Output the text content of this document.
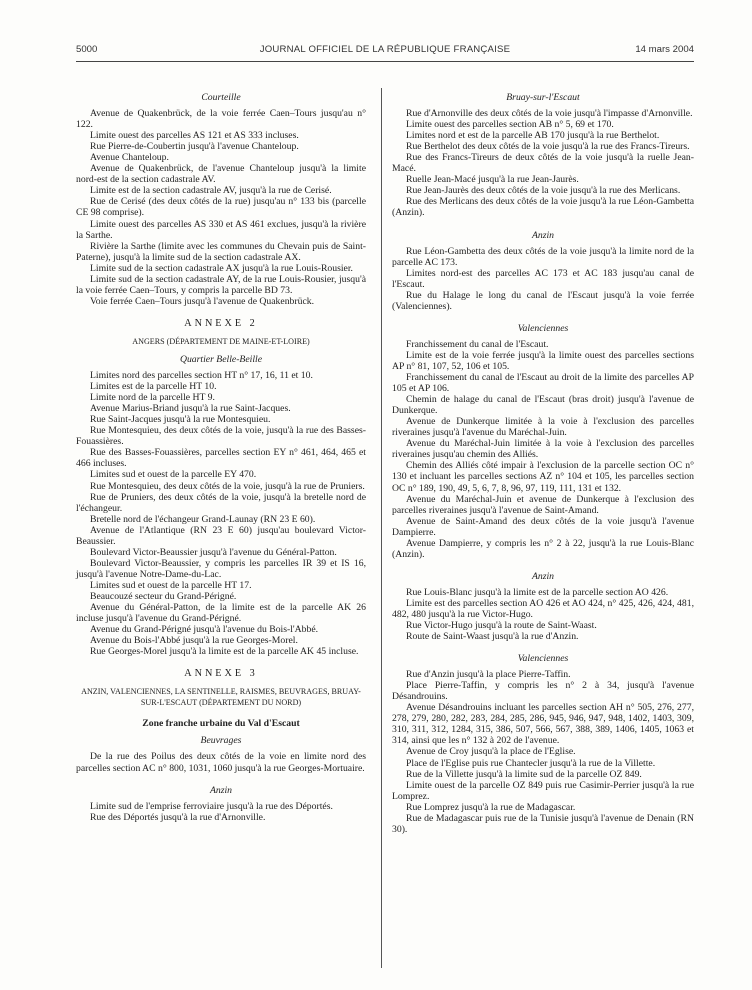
5000	JOURNAL OFFICIEL DE LA RÉPUBLIQUE FRANÇAISE	14 mars 2004

Courteille

Avenue de Quakenbrück, de la voie ferrée Caen–Tours jusqu'au n° 122.

Limite ouest des parcelles AS 121 et AS 333 incluses.

Rue Pierre-de-Coubertin jusqu'à l'avenue Chanteloup.

Avenue Chanteloup.

Avenue de Quakenbrück, de l'avenue Chanteloup jusqu'à la limite nord-est de la section cadastrale AV.

Limite est de la section cadastrale AV, jusqu'à la rue de Cerisé.

Rue de Cerisé (des deux côtés de la rue) jusqu'au n° 133 bis (parcelle CE 98 comprise).

Limite ouest des parcelles AS 330 et AS 461 exclues, jusqu'à la rivière la Sarthe.

Rivière la Sarthe (limite avec les communes du Chevain puis de Saint-Paterne), jusqu'à la limite sud de la section cadastrale AX.

Limite sud de la section cadastrale AX jusqu'à la rue Louis-Rousier.

Limite sud de la section cadastrale AY, de la rue Louis-Rousier, jusqu'à la voie ferrée Caen–Tours, y compris la parcelle BD 73.

Voie ferrée Caen–Tours jusqu'à l'avenue de Quakenbrück.

ANNEXE 2

ANGERS (DÉPARTEMENT DE MAINE-ET-LOIRE)

Quartier Belle-Beille

Limites nord des parcelles section HT n° 17, 16, 11 et 10.

Limites est de la parcelle HT 10.

Limite nord de la parcelle HT 9.

Avenue Marius-Briand jusqu'à la rue Saint-Jacques.

Rue Saint-Jacques jusqu'à la rue Montesquieu.

Rue Montesquieu, des deux côtés de la voie, jusqu'à la rue des Basses-Fouassières.

Rue des Basses-Fouassières, parcelles section EY n° 461, 464, 465 et 466 incluses.

Limites sud et ouest de la parcelle EY 470.

Rue Montesquieu, des deux côtés de la voie, jusqu'à la rue de Pruniers.

Rue de Pruniers, des deux côtés de la voie, jusqu'à la bretelle nord de l'échangeur.

Bretelle nord de l'échangeur Grand-Launay (RN 23 E 60).

Avenue de l'Atlantique (RN 23 E 60) jusqu'au boulevard Victor-Beaussier.

Boulevard Victor-Beaussier jusqu'à l'avenue du Général-Patton.

Boulevard Victor-Beaussier, y compris les parcelles IR 39 et IS 16, jusqu'à l'avenue Notre-Dame-du-Lac.

Limites sud et ouest de la parcelle HT 17.

Beaucouzé secteur du Grand-Périgné.

Avenue du Général-Patton, de la limite est de la parcelle AK 26 incluse jusqu'à l'avenue du Grand-Périgné.

Avenue du Grand-Périgné jusqu'à l'avenue du Bois-l'Abbé.

Avenue du Bois-l'Abbé jusqu'à la rue Georges-Morel.

Rue Georges-Morel jusqu'à la limite est de la parcelle AK 45 incluse.

ANNEXE 3

ANZIN, VALENCIENNES, LA SENTINELLE, RAISMES, BEUVRAGES, BRUAY-SUR-L'ESCAUT (DÉPARTEMENT DU NORD)

Zone franche urbaine du Val d'Escaut

Beuvrages

De la rue des Poilus des deux côtés de la voie en limite nord des parcelles section AC n° 800, 1031, 1060 jusqu'à la rue Georges-Mortuaire.

Anzin

Limite sud de l'emprise ferroviaire jusqu'à la rue des Déportés.

Rue des Déportés jusqu'à la rue d'Arnonville.

Bruay-sur-l'Escaut

Rue d'Arnonville des deux côtés de la voie jusqu'à l'impasse d'Arnonville.

Limite ouest des parcelles section AB n° 5, 69 et 170.

Limites nord et est de la parcelle AB 170 jusqu'à la rue Berthelot.

Rue Berthelot des deux côtés de la voie jusqu'à la rue des Francs-Tireurs.

Rue des Francs-Tireurs de deux côtés de la voie jusqu'à la ruelle Jean-Macé.

Ruelle Jean-Macé jusqu'à la rue Jean-Jaurès.

Rue Jean-Jaurès des deux côtés de la voie jusqu'à la rue des Merlicans.

Rue des Merlicans des deux côtés de la voie jusqu'à la rue Léon-Gambetta (Anzin).

Anzin

Rue Léon-Gambetta des deux côtés de la voie jusqu'à la limite nord de la parcelle AC 173.

Limites nord-est des parcelles AC 173 et AC 183 jusqu'au canal de l'Escaut.

Rue du Halage le long du canal de l'Escaut jusqu'à la voie ferrée (Valenciennes).

Valenciennes

Franchissement du canal de l'Escaut.

Limite est de la voie ferrée jusqu'à la limite ouest des parcelles sections AP n° 81, 107, 52, 106 et 105.

Franchissement du canal de l'Escaut au droit de la limite des parcelles AP 105 et AP 106.

Chemin de halage du canal de l'Escaut (bras droit) jusqu'à l'avenue de Dunkerque.

Avenue de Dunkerque limitée à la voie à l'exclusion des parcelles riveraines jusqu'à l'avenue du Maréchal-Juin.

Avenue du Maréchal-Juin limitée à la voie à l'exclusion des parcelles riveraines jusqu'au chemin des Alliés.

Chemin des Alliés côté impair à l'exclusion de la parcelle section OC n° 130 et incluant les parcelles sections AZ n° 104 et 105, les parcelles section OC n° 189, 190, 49, 5, 6, 7, 8, 96, 97, 119, 111, 131 et 132.

Avenue du Maréchal-Juin et avenue de Dunkerque à l'exclusion des parcelles riveraines jusqu'à l'avenue de Saint-Amand.

Avenue de Saint-Amand des deux côtés de la voie jusqu'à l'avenue Dampierre.

Avenue Dampierre, y compris les n° 2 à 22, jusqu'à la rue Louis-Blanc (Anzin).

Anzin

Rue Louis-Blanc jusqu'à la limite est de la parcelle section AO 426.

Limite est des parcelles section AO 426 et AO 424, n° 425, 426, 424, 481, 482, 480 jusqu'à la rue Victor-Hugo.

Rue Victor-Hugo jusqu'à la route de Saint-Waast.

Route de Saint-Waast jusqu'à la rue d'Anzin.

Valenciennes

Rue d'Anzin jusqu'à la place Pierre-Taffin.

Place Pierre-Taffin, y compris les n° 2 à 34, jusqu'à l'avenue Désandrouins.

Avenue Désandrouins incluant les parcelles section AH n° 505, 276, 277, 278, 279, 280, 282, 283, 284, 285, 286, 945, 946, 947, 948, 1402, 1403, 309, 310, 311, 312, 1284, 315, 386, 507, 566, 567, 388, 389, 1406, 1405, 1063 et 314, ainsi que les n° 132 à 202 de l'avenue.

Avenue de Croy jusqu'à la place de l'Eglise.

Place de l'Eglise puis rue Chantecler jusqu'à la rue de la Villette.

Rue de la Villette jusqu'à la limite sud de la parcelle OZ 849.

Limite ouest de la parcelle OZ 849 puis rue Casimir-Perrier jusqu'à la rue Lomprez.

Rue Lomprez jusqu'à la rue de Madagascar.

Rue de Madagascar puis rue de la Tunisie jusqu'à l'avenue de Denain (RN 30).
